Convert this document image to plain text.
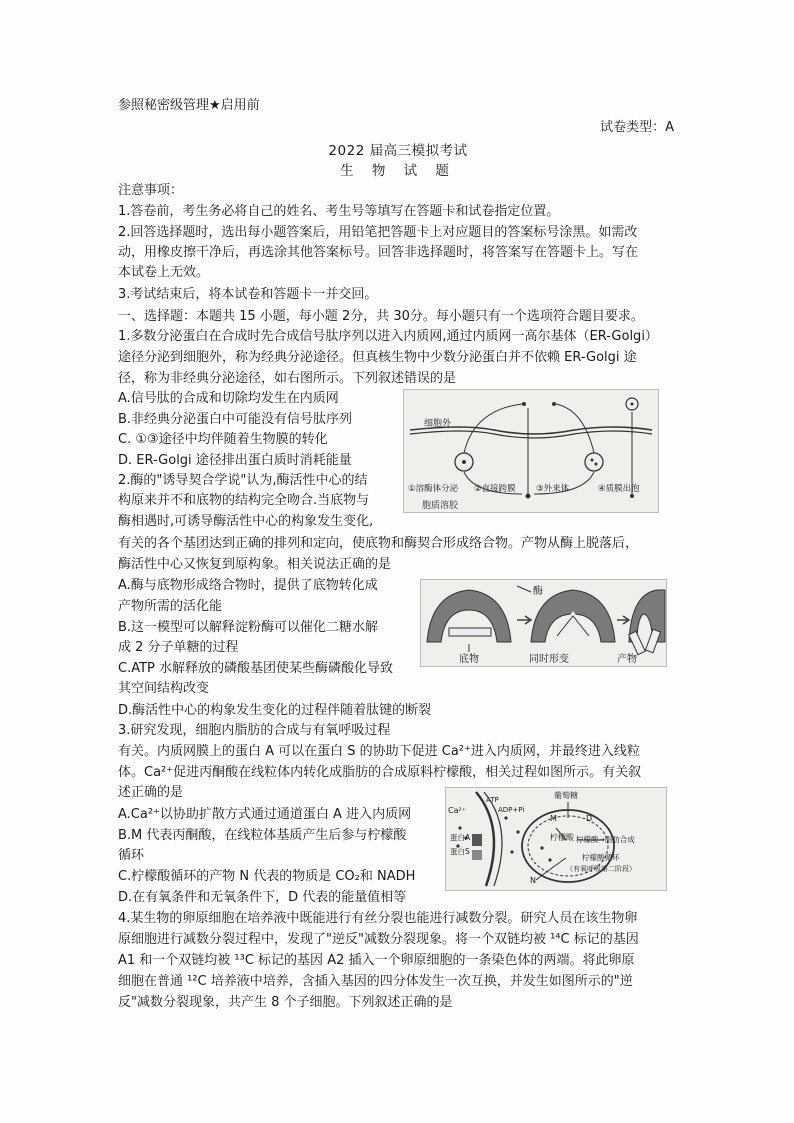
参照秘密级管理★启用前
试卷类型：A
2022 届高三模拟考试
生 物 试 题
注意事项：
1.答卷前，考生务必将自己的姓名、考生号等填写在答题卡和试卷指定位置。
2.回答选择题时，选出每小题答案后，用铅笔把答题卡上对应题目的答案标号涂黑。如需改
动，用橡皮擦干净后，再选涂其他答案标号。回答非选择题时，将答案写在答题卡上。写在
本试卷上无效。
3.考试结束后，将本试卷和答题卡一并交回。
一、选择题：本题共 15 小题，每小题 2分，共 30分。每小题只有一个选项符合题目要求。
1.多数分泌蛋白在合成时先合成信号肽序列以进入内质网,通过内质网一高尔基体（ER-Golgi）
途径分泌到细胞外，称为经典分泌途径。但真核生物中少数分泌蛋白并不依赖 ER-Golgi 途
径，称为非经典分泌途径，如右图所示。下列叙述错误的是
A.信号肽的合成和切除均发生在内质网
B.非经典分泌蛋白中可能没有信号肽序列
C. ①③途径中均伴随着生物膜的转化
D. ER-Golgi 途径排出蛋白质时消耗能量
细胞外
①溶酶体分泌 ②直接跨膜 ③外来体	④质膜出泡
胞质溶胶
2.酶的"诱导契合学说"认为,酶活性中心的结
构原来并不和底物的结构完全吻合.当底物与
酶相遇时,可诱导酶活性中心的构象发生变化,
有关的各个基团达到正确的排列和定向，使底物和酶契合形成络合物。产物从酶上脱落后，
酶活性中心又恢复到原构象。相关说法正确的是
A.酶与底物形成络合物时，提供了底物转化成
产物所需的活化能
B.这一模型可以解释淀粉酶可以催化二糖水解
成 2 分子单糖的过程
C.ATP 水解释放的磷酸基团使某些酶磷酸化导致
其空间结构改变
D.酶活性中心的构象发生变化的过程伴随着肽键的断裂
酶
底物	同时形变	产物
3.研究发现，细胞内脂肪的合成与有氧呼吸过程
有关。内质网膜上的蛋白 A 可以在蛋白 S 的协助下促进 Ca²⁺进入内质网，并最终进入线粒
体。Ca²⁺促进丙酮酸在线粒体内转化成脂肪的合成原料柠檬酸，相关过程如图所示。有关叙
述正确的是
A.Ca²⁺以协助扩散方式通过通道蛋白 A 进入内质网
B.M 代表丙酮酸，在线粒体基质产生后参与柠檬酸
循环
C.柠檬酸循环的产物 N 代表的物质是 CO₂和 NADH
D.在有氧条件和无氧条件下，D 代表的能量值相等
Ca²⁺
ATP
ADP+Pi
葡萄糖
M	D
柠檬酸 柠檬酸→脂肪合成
蛋白A
蛋白S
柠檬酸循环
（有氧呼吸第二阶段）
N
4.某生物的卵原细胞在培养液中既能进行有丝分裂也能进行减数分裂。研究人员在该生物卵
原细胞进行减数分裂过程中，发现了"逆反"减数分裂现象。将一个双链均被 ¹⁴C 标记的基因
A1 和一个双链均被 ¹³C 标记的基因 A2 插入一个卵原细胞的一条染色体的两端。将此卵原
细胞在普通 ¹²C 培养液中培养，含插入基因的四分体发生一次互换，并发生如图所示的"逆
反"减数分裂现象，共产生 8 个子细胞。下列叙述正确的是
